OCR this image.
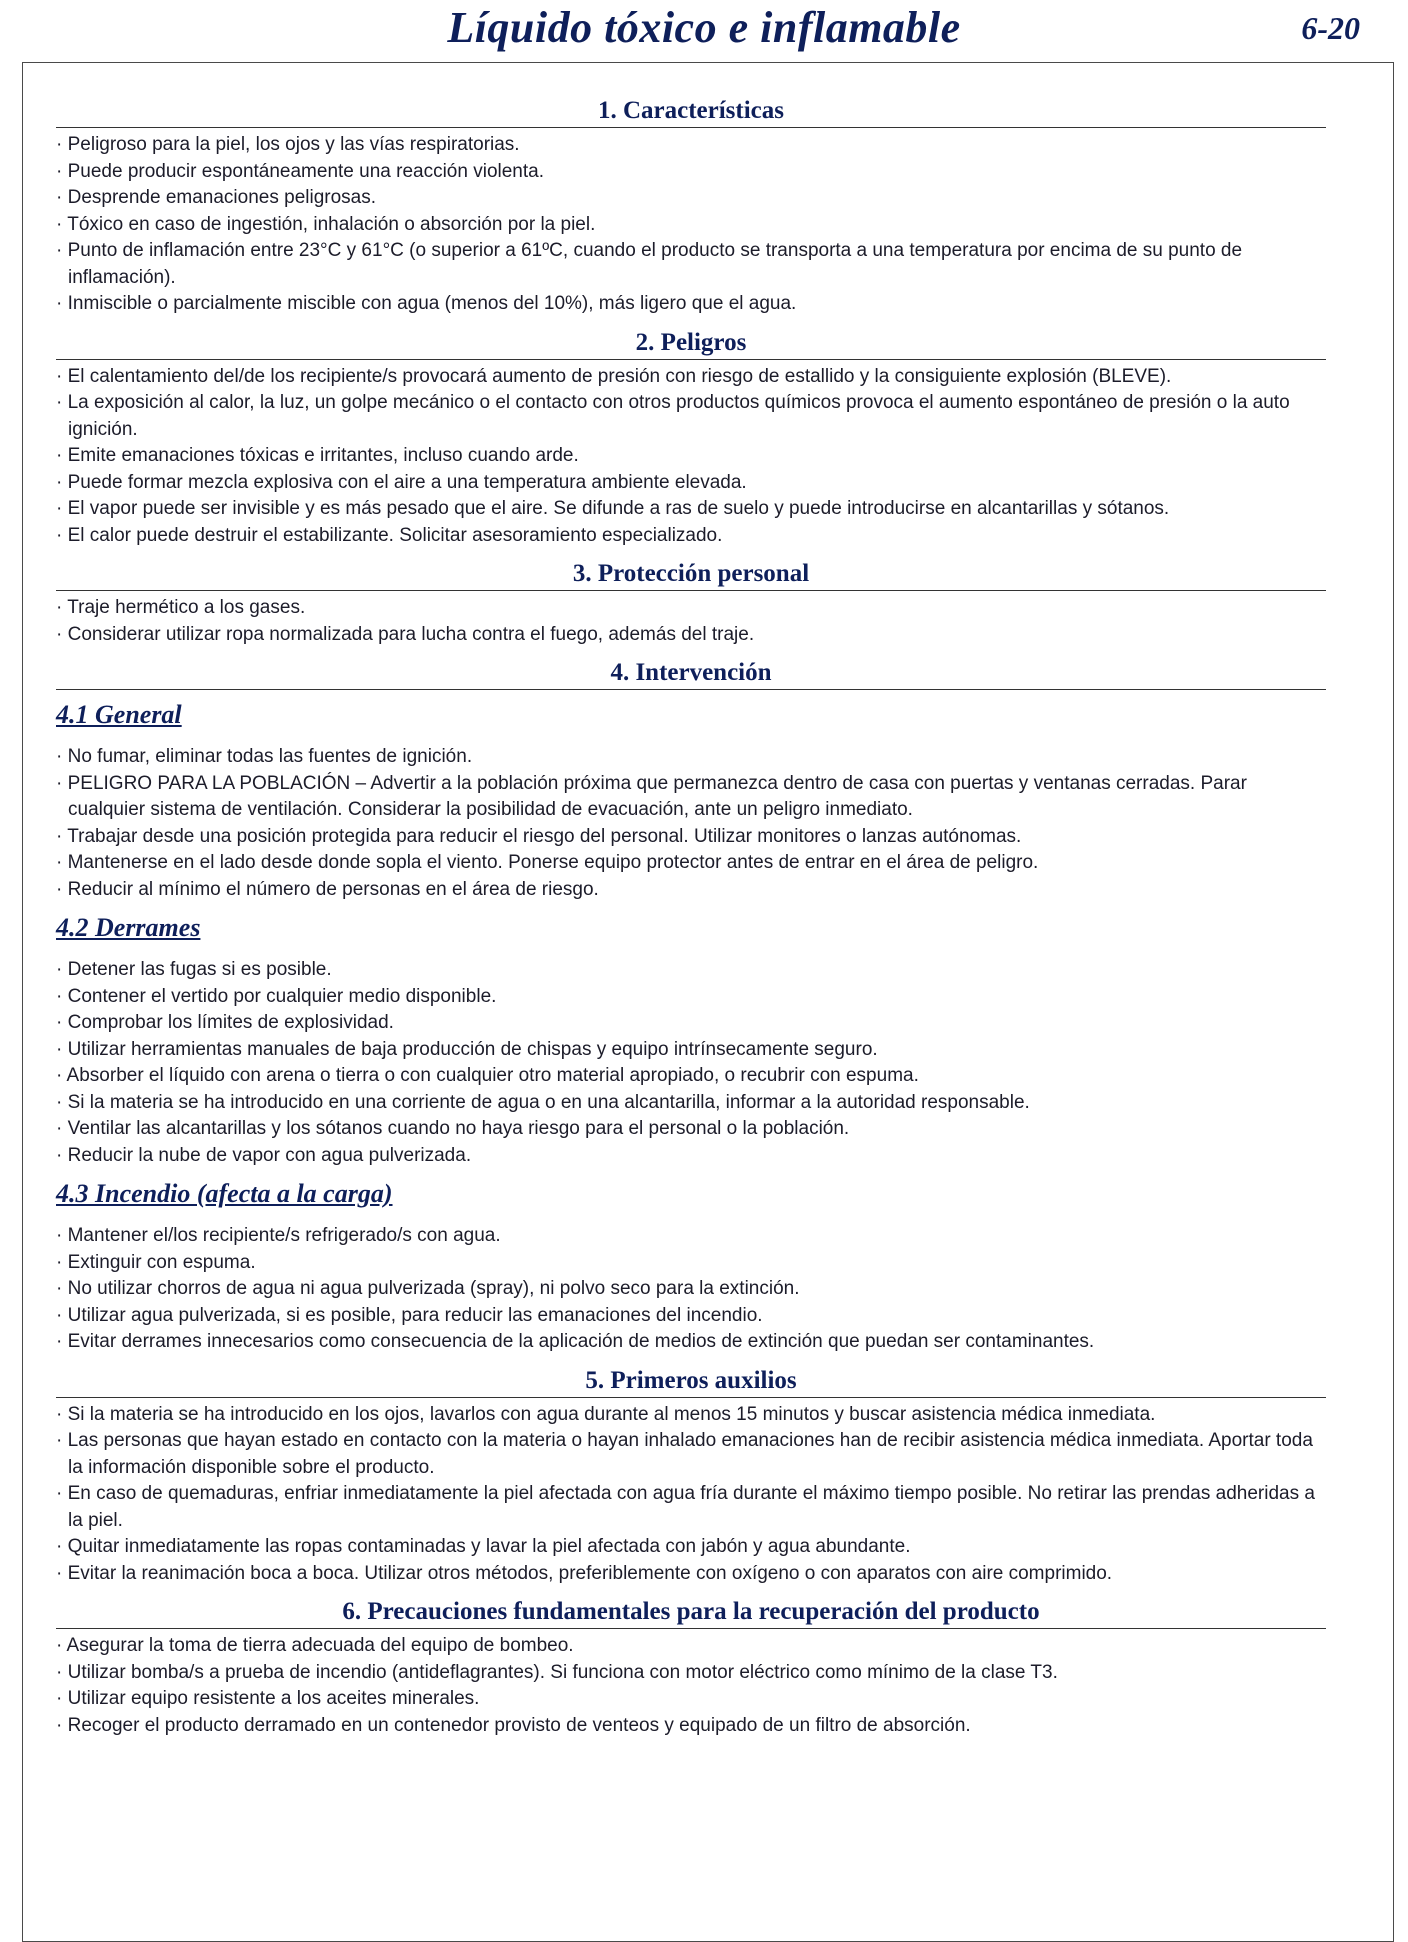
Líquido tóxico e inflamable	6-20
1. Características
· Peligroso para la piel, los ojos y las vías respiratorias.
· Puede producir espontáneamente una reacción violenta.
· Desprende emanaciones peligrosas.
· Tóxico en caso de ingestión, inhalación o absorción por la piel.
· Punto de inflamación entre 23°C y 61°C (o superior a 61ºC, cuando el producto se transporta a una temperatura por encima de su punto de inflamación).
· Inmiscible o parcialmente miscible con agua (menos del 10%), más ligero que el agua.
2. Peligros
· El calentamiento del/de los recipiente/s provocará aumento de presión con riesgo de estallido y la consiguiente explosión (BLEVE).
· La exposición al calor, la luz, un golpe mecánico o el contacto con otros productos químicos provoca el aumento espontáneo de presión o la auto ignición.
· Emite emanaciones tóxicas e irritantes, incluso cuando arde.
· Puede formar mezcla explosiva con el aire a una temperatura ambiente elevada.
· El vapor puede ser invisible y es más pesado que el aire. Se difunde a ras de suelo y puede introducirse en alcantarillas y sótanos.
· El calor puede destruir el estabilizante. Solicitar asesoramiento especializado.
3. Protección personal
· Traje hermético a los gases.
· Considerar utilizar ropa normalizada para lucha contra el fuego, además del traje.
4. Intervención
4.1 General
· No fumar, eliminar todas las fuentes de ignición.
· PELIGRO PARA LA POBLACIÓN – Advertir a la población próxima que permanezca dentro de casa con puertas y ventanas cerradas. Parar cualquier sistema de ventilación. Considerar la posibilidad de evacuación, ante un peligro inmediato.
· Trabajar desde una posición protegida para reducir el riesgo del personal. Utilizar monitores o lanzas autónomas.
· Mantenerse en el lado desde donde sopla el viento. Ponerse equipo protector antes de entrar en el área de peligro.
· Reducir al mínimo el número de personas en el área de riesgo.
4.2 Derrames
· Detener las fugas si es posible.
· Contener el vertido por cualquier medio disponible.
· Comprobar los límites de explosividad.
· Utilizar herramientas manuales de baja producción de chispas y equipo intrínsecamente seguro.
· Absorber el líquido con arena o tierra o con cualquier otro material apropiado, o recubrir con espuma.
· Si la materia se ha introducido en una corriente de agua o en una alcantarilla, informar a la autoridad responsable.
· Ventilar las alcantarillas y los sótanos cuando no haya riesgo para el personal o la población.
· Reducir la nube de vapor con agua pulverizada.
4.3 Incendio (afecta a la carga)
· Mantener el/los recipiente/s refrigerado/s con agua.
· Extinguir con espuma.
· No utilizar chorros de agua ni agua pulverizada (spray), ni polvo seco para la extinción.
· Utilizar agua pulverizada, si es posible, para reducir las emanaciones del incendio.
· Evitar derrames innecesarios como consecuencia de la aplicación de medios de extinción que puedan ser contaminantes.
5. Primeros auxilios
· Si la materia se ha introducido en los ojos, lavarlos con agua durante al menos 15 minutos y buscar asistencia médica inmediata.
· Las personas que hayan estado en contacto con la materia o hayan inhalado emanaciones han de recibir asistencia médica inmediata. Aportar toda la información disponible sobre el producto.
· En caso de quemaduras, enfriar inmediatamente la piel afectada con agua fría durante el máximo tiempo posible. No retirar las prendas adheridas a la piel.
· Quitar inmediatamente las ropas contaminadas y lavar la piel afectada con jabón y agua abundante.
· Evitar la reanimación boca a boca. Utilizar otros métodos, preferiblemente con oxígeno o con aparatos con aire comprimido.
6. Precauciones fundamentales para la recuperación del producto
· Asegurar la toma de tierra adecuada del equipo de bombeo.
· Utilizar bomba/s a prueba de incendio (antideflagrantes). Si funciona con motor eléctrico como mínimo de la clase T3.
· Utilizar equipo resistente a los aceites minerales.
· Recoger el producto derramado en un contenedor provisto de venteos y equipado de un filtro de absorción.
